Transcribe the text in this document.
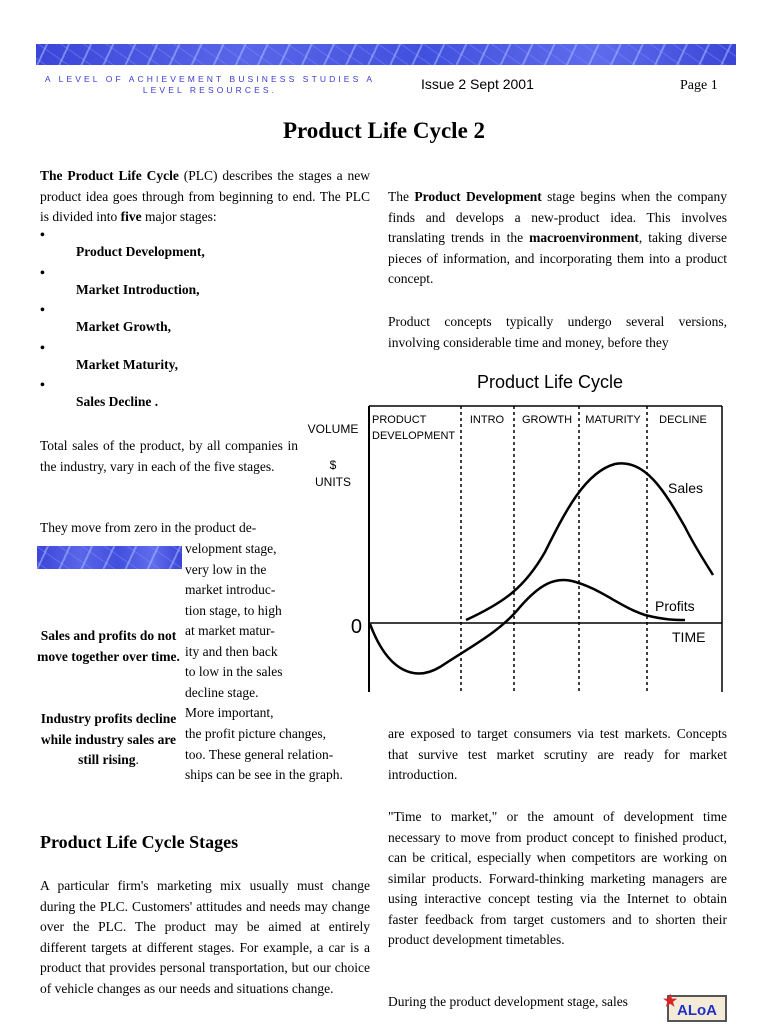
A LEVEL OF ACHIEVEMENT BUSINESS STUDIES A LEVEL RESOURCES.	Issue 2 Sept 2001	Page 1
Product Life Cycle 2
The Product Life Cycle (PLC) describes the stages a new product idea goes through from beginning to end. The PLC is divided into five major stages:
•
Product Development,
•
Market Introduction,
•
Market Growth,
•
Market Maturity,
•
Sales Decline .
Total sales of the product, by all companies in the industry, vary in each of the five stages.
They move from zero in the product de-
velopment stage,
very low in the
market introduc-
tion stage, to high
at market matur-
ity and then back
to low in the sales
decline stage.
More important,
the profit picture changes,
too. These general relation-
ships can be see in the graph.
Sales and profits do not move together over time.
Industry profits decline while industry sales are still rising.
Product Life Cycle Stages
A particular firm's marketing mix usually must change during the PLC. Customers' attitudes and needs may change over the PLC. The product may be aimed at entirely different targets at different stages. For example, a car is a product that provides personal transportation, but our choice of vehicle changes as our needs and situations change.
The Product Development stage begins when the company finds and develops a new-product idea. This involves translating trends in the macroenvironment, taking diverse pieces of information, and incorporating them into a product concept.
Product concepts typically undergo several versions, involving considerable time and money, before they
Product Life Cycle
VOLUME
$
UNITS
0
PRODUCT
DEVELOPMENT
INTRO GROWTH MATURITY DECLINE
Sales
Profits
TIME
are exposed to target consumers via test markets. Concepts that survive test market scrutiny are ready for market introduction.
"Time to market," or the amount of development time necessary to move from product concept to finished product, can be critical, especially when competitors are working on similar products. Forward-thinking marketing managers are using interactive concept testing via the Internet to obtain faster feedback from target customers and to shorten their product development timetables.
During the product development stage, sales	★
ALoA
